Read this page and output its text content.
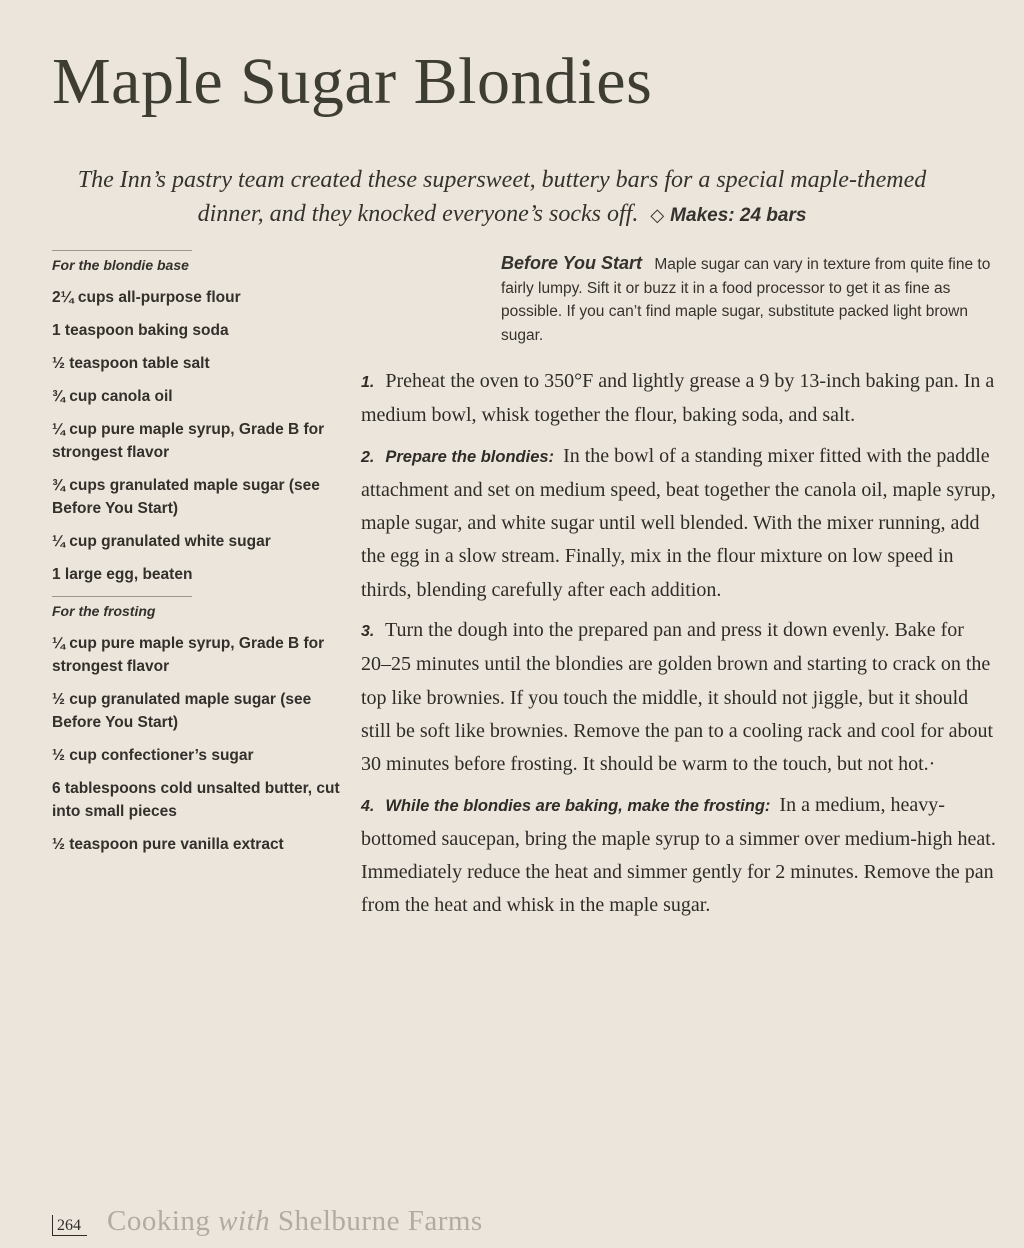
Maple Sugar Blondies
The Inn’s pastry team created these supersweet, buttery bars for a special maple-themed dinner, and they knocked everyone’s socks off. ◇ Makes: 24 bars
For the blondie base
2¼ cups all-purpose flour
1 teaspoon baking soda
½ teaspoon table salt
¾ cup canola oil
¼ cup pure maple syrup, Grade B for strongest flavor
¾ cups granulated maple sugar (see Before You Start)
¼ cup granulated white sugar
1 large egg, beaten
For the frosting
¼ cup pure maple syrup, Grade B for strongest flavor
½ cup granulated maple sugar (see Before You Start)
½ cup confectioner’s sugar
6 tablespoons cold unsalted butter, cut into small pieces
½ teaspoon pure vanilla extract
Before You Start Maple sugar can vary in texture from quite fine to fairly lumpy. Sift it or buzz it in a food processor to get it as fine as possible. If you can’t find maple sugar, substitute packed light brown sugar.
1. Preheat the oven to 350°F and lightly grease a 9 by 13-inch baking pan. In a medium bowl, whisk together the flour, baking soda, and salt.
2. Prepare the blondies: In the bowl of a standing mixer fitted with the paddle attachment and set on medium speed, beat together the canola oil, maple syrup, maple sugar, and white sugar until well blended. With the mixer running, add the egg in a slow stream. Finally, mix in the flour mixture on low speed in thirds, blending carefully after each addition.
3. Turn the dough into the prepared pan and press it down evenly. Bake for 20–25 minutes until the blondies are golden brown and starting to crack on the top like brownies. If you touch the middle, it should not jiggle, but it should still be soft like brownies. Remove the pan to a cooling rack and cool for about 30 minutes before frosting. It should be warm to the touch, but not hot.·
4. While the blondies are baking, make the frosting: In a medium, heavy-bottomed saucepan, bring the maple syrup to a simmer over medium-high heat. Immediately reduce the heat and simmer gently for 2 minutes. Remove the pan from the heat and whisk in the maple sugar.
264 Cooking with Shelburne Farms
